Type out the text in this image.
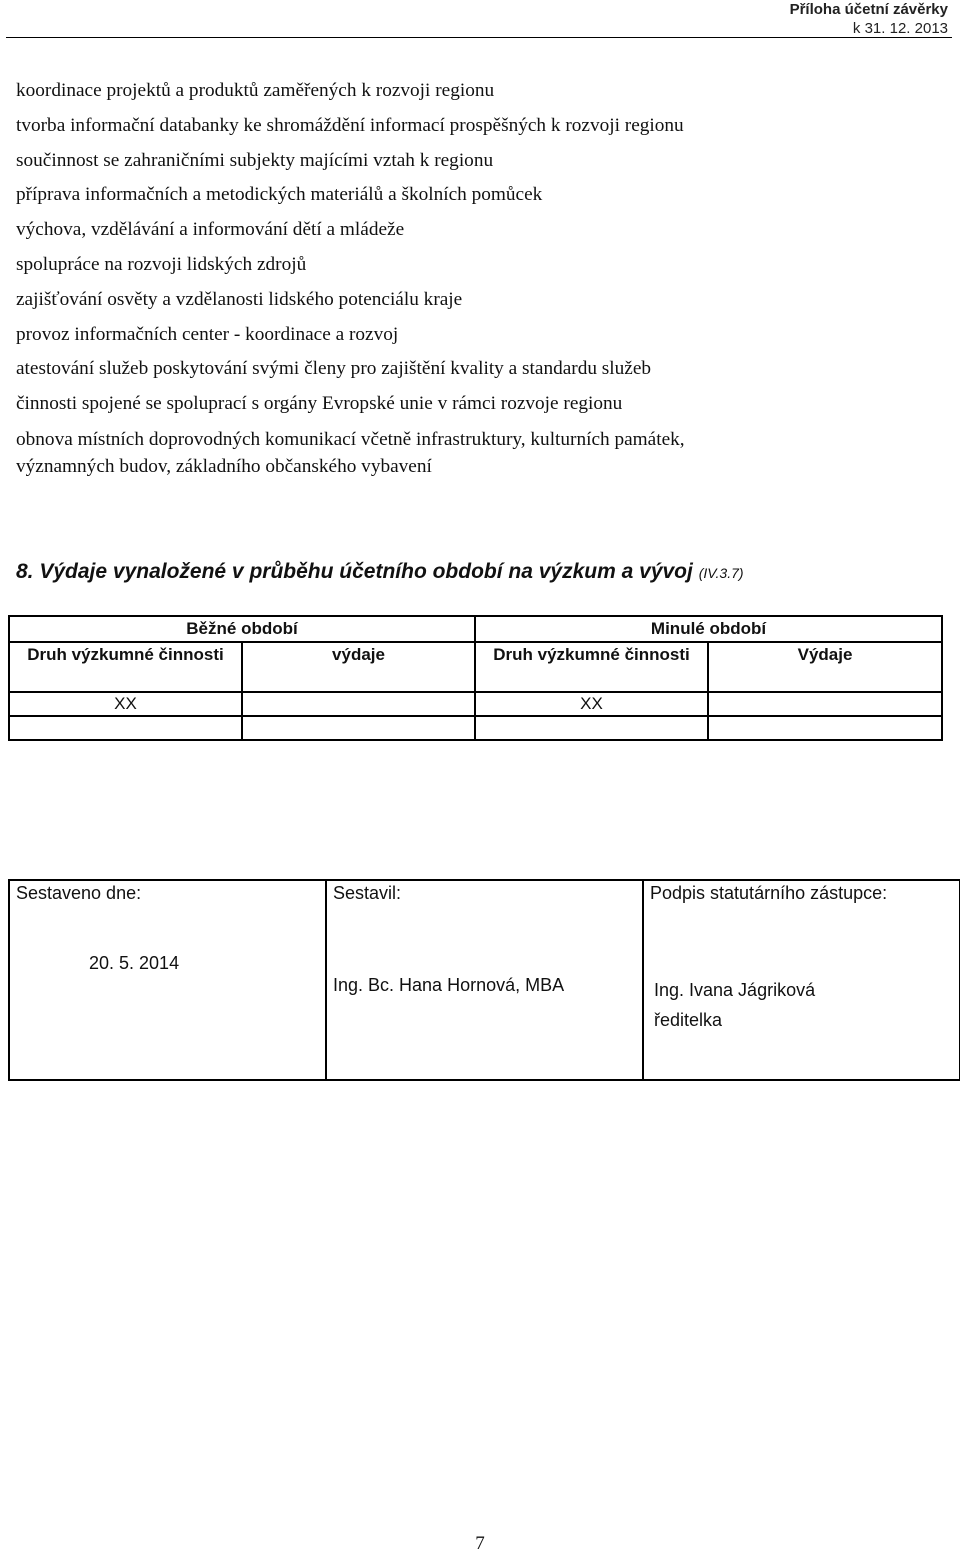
Příloha účetní závěrky
k 31. 12. 2013

koordinace projektů a produktů zaměřených k rozvoji regionu

tvorba informační databanky ke shromáždění informací prospěšných k rozvoji regionu

součinnost se zahraničními subjekty majícími vztah k regionu

příprava informačních a metodických materiálů a školních pomůcek

výchova, vzdělávání a informování dětí a mládeže

spolupráce na rozvoji lidských zdrojů

zajišťování osvěty a vzdělanosti lidského potenciálu kraje

provoz informačních center - koordinace a rozvoj

atestování služeb poskytování svými členy pro zajištění kvality a standardu služeb

činnosti spojené se spoluprací s orgány Evropské unie v rámci rozvoje regionu

obnova místních doprovodných komunikací včetně infrastruktury, kulturních památek,
významných budov, základního občanského vybavení

8. Výdaje vynaložené v průběhu účetního období na výzkum a vývoj (IV.3.7)
Běžné období		Minulé období	
Druh výzkumné činnosti	výdaje	Druh výzkumné činnosti	Výdaje
XX		XX	

Sestaveno dne:
20. 5. 2014

Sestavil:
Ing. Bc. Hana Hornová, MBA

Podpis statutárního zástupce:
Ing. Ivana Jágriková
ředitelka
7
